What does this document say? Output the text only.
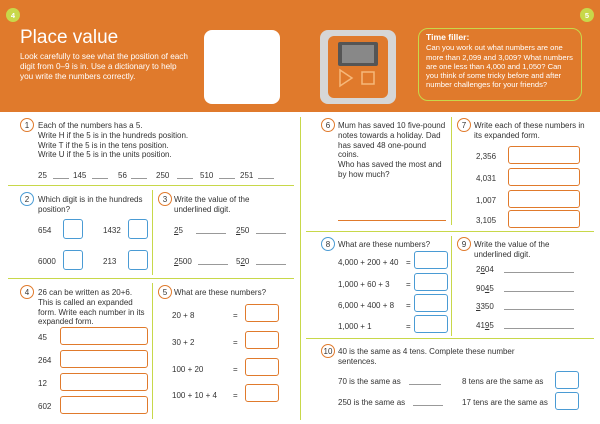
4	5
Place value
Look carefully to see what the position of each digit from 0–9 is in. Use a dictionary to help you write the numbers correctly.
Time filler:
Can you work out what numbers are one more than 2,099 and 3,009? What numbers are one less than 4,000 and 1,050? Can you think of some tricky before and after number challenges for your friends?
1	Each of the numbers has a 5.
Write H if the 5 is in the hundreds position.
Write T if the 5 is in the tens position.
Write U if the 5 is in the units position.
25	145	56	250	510	251
2	Which digit is in the hundreds position?
654	1432
6000	213
3 Write the value of the underlined digit.
25	250
2500	520
4	26 can be written as 20+6. This is called an expanded form. Write each number in its expanded form.
45
264
12
602
5 What are these numbers?
20 + 8	=
30 + 2	=
100 + 20	=
100 + 10 + 4 =
6 Mum has saved 10 five-pound notes towards a holiday. Dad has saved 48 one-pound coins.
Who has saved the most and by how much?
7 Write each of these numbers in its expanded form.
2,356
4,031
1,007
3,105
8 What are these numbers?
4,000 + 200 + 40 =
1,000 + 60 + 3 =
6,000 + 400 + 8 =
1,000 + 1	=
9 Write the value of the underlined digit.
2604
9045
3350
4195
10 40 is the same as 4 tens. Complete these number sentences.
70 is the same as	8 tens are the same as
250 is the same as	17 tens are the same as
